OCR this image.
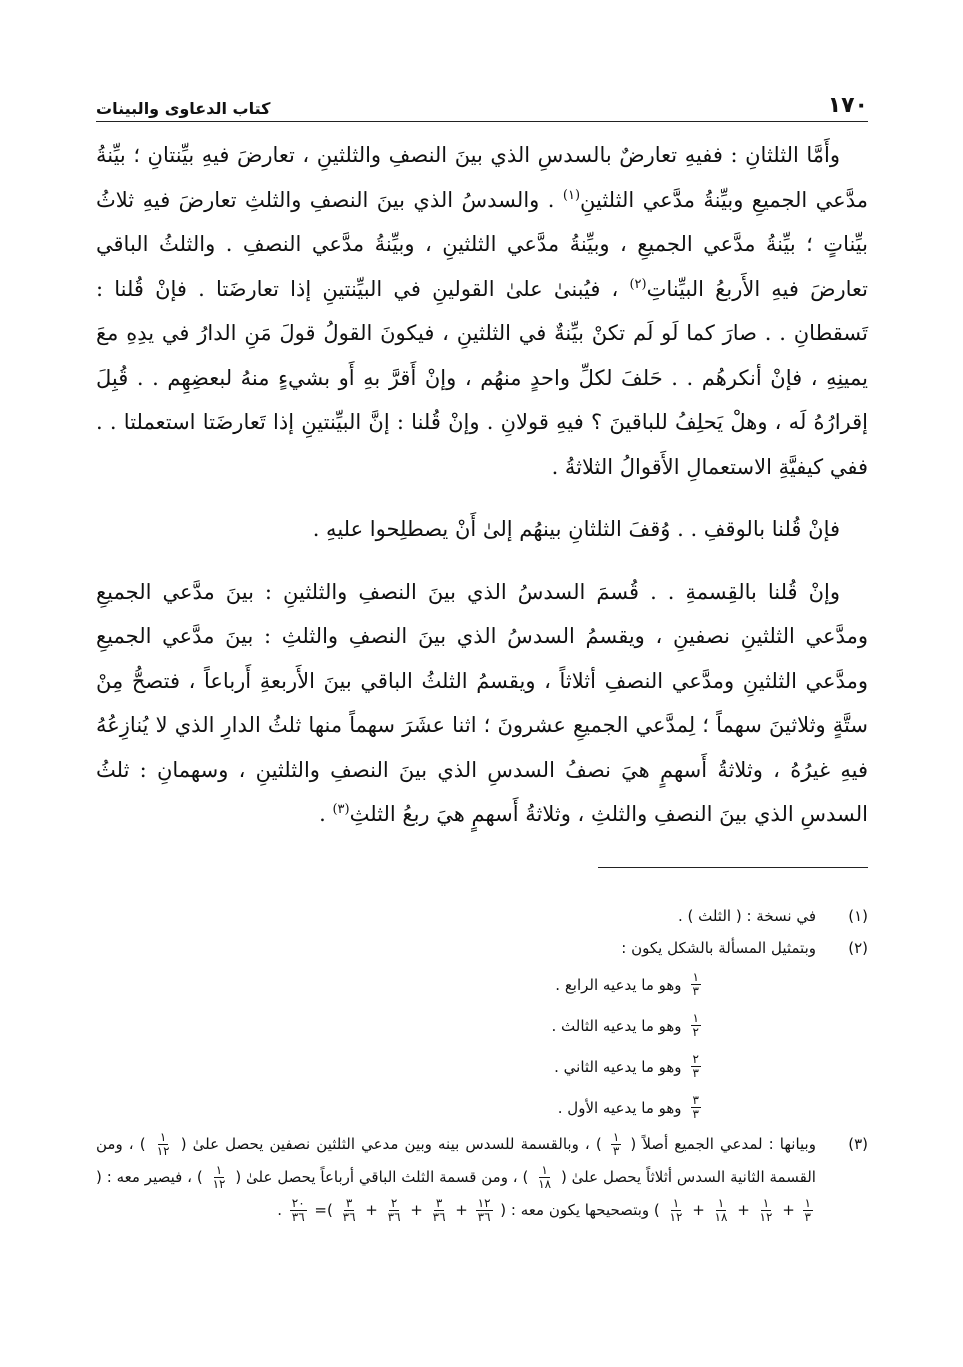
١٧٠
كتاب الدعاوى والبينات

وأَمَّا الثلثانِ : ففيهِ تعارضٌ بالسدسِ الذي بينَ النصفِ والثلثينِ ، تعارضَ فيهِ بيِّنتانِ ؛ بيِّنةُ مدَّعي الجميعِ وبيِّنةُ مدَّعي الثلثينِ$^{(١)}$ . والسدسُ الذي بينَ النصفِ والثلثِ تعارضَ فيهِ ثلاثُ بيِّناتٍ ؛ بيِّنةُ مدَّعي الجميعِ ، وبيِّنةُ مدَّعي الثلثينِ ، وبيِّنةُ مدَّعي النصفِ . والثلثُ الباقي تعارضَ فيهِ الأَربعُ البيِّناتِ$^{(٢)}$ ، فيُبنىٰ علىٰ القولينِ في البيِّنتينِ إذا تعارضَتا . فإنْ قُلنا : تَسقطانِ . . صارَ كما لَو لَم تكنْ بيِّنةٌ في الثلثينِ ، فيكونَ القولُ قولَ مَنِ الدارُ في يدِهِ معَ يمينِهِ ، فإنْ أنكرهُم . . حَلفَ لكلِّ واحدٍ منهُم ، وإنْ أَقرَّ بهِ أَو بشيءٍ منهُ لبعضِهِم . . قُبِلَ إقرارُهُ لَه ، وهلْ يَحلِفُ للباقينَ ؟ فيهِ قولانِ . وإنْ قُلنا : إنَّ البيِّنتينِ إذا تَعارضَتا استعملتا . . ففي كيفيَّةِ الاستعمالِ الأَقوالُ الثلاثةُ .

فإنْ قُلنا بالوقفِ . . وُقفَ الثلثانِ بينهُم إلىٰ أَنْ يصطلِحوا عليهِ .

وإنْ قُلنا بالقِسمةِ . . قُسمَ السدسُ الذي بينَ النصفِ والثلثينِ : بينَ مدَّعي الجميعِ ومدَّعي الثلثينِ نصفينِ ، ويقسمُ السدسُ الذي بينَ النصفِ والثلثِ : بينَ مدَّعي الجميعِ ومدَّعي الثلثينِ ومدَّعي النصفِ أثلاثاً ، ويقسمُ الثلثُ الباقي بينَ الأَربعةِ أَرباعاً ، فتصحُّ مِنْ ستَّةٍ وثلاثينَ سهماً ؛ لِمدَّعي الجميعِ عشرونَ ؛ اثنا عشَرَ سهماً منها ثلثُ الدارِ الذي لا يُنازِعُهُ فيهِ غيرُهُ ، وثلاثةُ أَسهمٍ هيَ نصفُ السدسِ الذي بينَ النصفِ والثلثينِ ، وسهمانِ : ثلثُ السدسِ الذي بينَ النصفِ والثلثِ ، وثلاثةُ أَسهمٍ هيَ ربعُ الثلثِ$^{(٣)}$ .

(١)
في نسخة : ( الثلث ) .
(٢)
وبتمثيل المسألة بالشكل يكون :
$\frac{١}{٣}$
وهو ما يدعيه الرابع .
$\frac{١}{٢}$
وهو ما يدعيه الثالث .
$\frac{٢}{٣}$
وهو ما يدعيه الثاني .
$\frac{٣}{٣}$
وهو ما يدعيه الأول .
(٣)
وبيانها : لمدعي الجميع أصلاً (
$\frac{١}{٣}$
) ، وبالقسمة للسدس بينه وبين مدعي الثلثين نصفين يحصل علىٰ (
$\frac{١}{١٢}$
) ، ومن القسمة الثانية السدس أثلاثاً يحصل علىٰ (
$\frac{١}{١٨}$
) ، ومن قسمة الثلث الباقي أرباعاً يحصل علىٰ (
$\frac{١}{١٢}$
) ، فيصير معه : (
$\frac{١}{٣}$
+
$\frac{١}{١٢}$
+
$\frac{١}{١٨}$
+
$\frac{١}{١٢}$
) وبتصحيحها يكون معه : (
$\frac{١٢}{٣٦}$
+
$\frac{٣}{٣٦}$
+
$\frac{٢}{٣٦}$
+
$\frac{٣}{٣٦}$
)=
$\frac{٢٠}{٣٦}$
.
